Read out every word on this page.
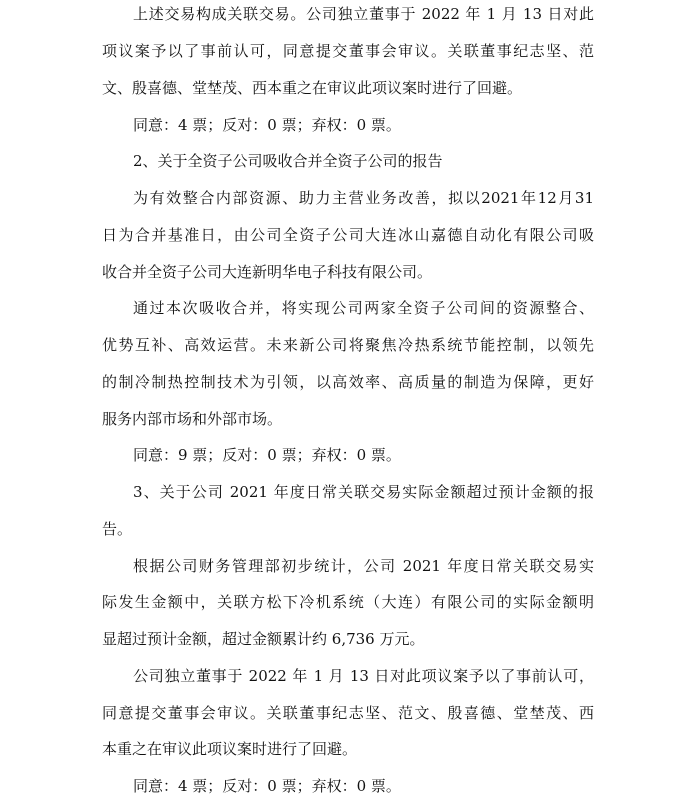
上述交易构成关联交易。公司独立董事于 2022 年 1 月 13 日对此
项议案予以了事前认可，同意提交董事会审议。关联董事纪志坚、范
文、殷喜德、堂埜茂、西本重之在审议此项议案时进行了回避。
同意：4 票；反对：0 票；弃权：0 票。
2、关于全资子公司吸收合并全资子公司的报告
为有效整合内部资源、助力主营业务改善，拟以2021年12月31
日为合并基准日，由公司全资子公司大连冰山嘉德自动化有限公司吸
收合并全资子公司大连新明华电子科技有限公司。
通过本次吸收合并，将实现公司两家全资子公司间的资源整合、
优势互补、高效运营。未来新公司将聚焦冷热系统节能控制，以领先
的制冷制热控制技术为引领，以高效率、高质量的制造为保障，更好
服务内部市场和外部市场。
同意：9 票；反对：0 票；弃权：0 票。
3、关于公司 2021 年度日常关联交易实际金额超过预计金额的报
告。
根据公司财务管理部初步统计，公司 2021 年度日常关联交易实
际发生金额中，关联方松下冷机系统（大连）有限公司的实际金额明
显超过预计金额，超过金额累计约 6,736 万元。
公司独立董事于 2022 年 1 月 13 日对此项议案予以了事前认可，
同意提交董事会审议。关联董事纪志坚、范文、殷喜德、堂埜茂、西
本重之在审议此项议案时进行了回避。
同意：4 票；反对：0 票；弃权：0 票。
